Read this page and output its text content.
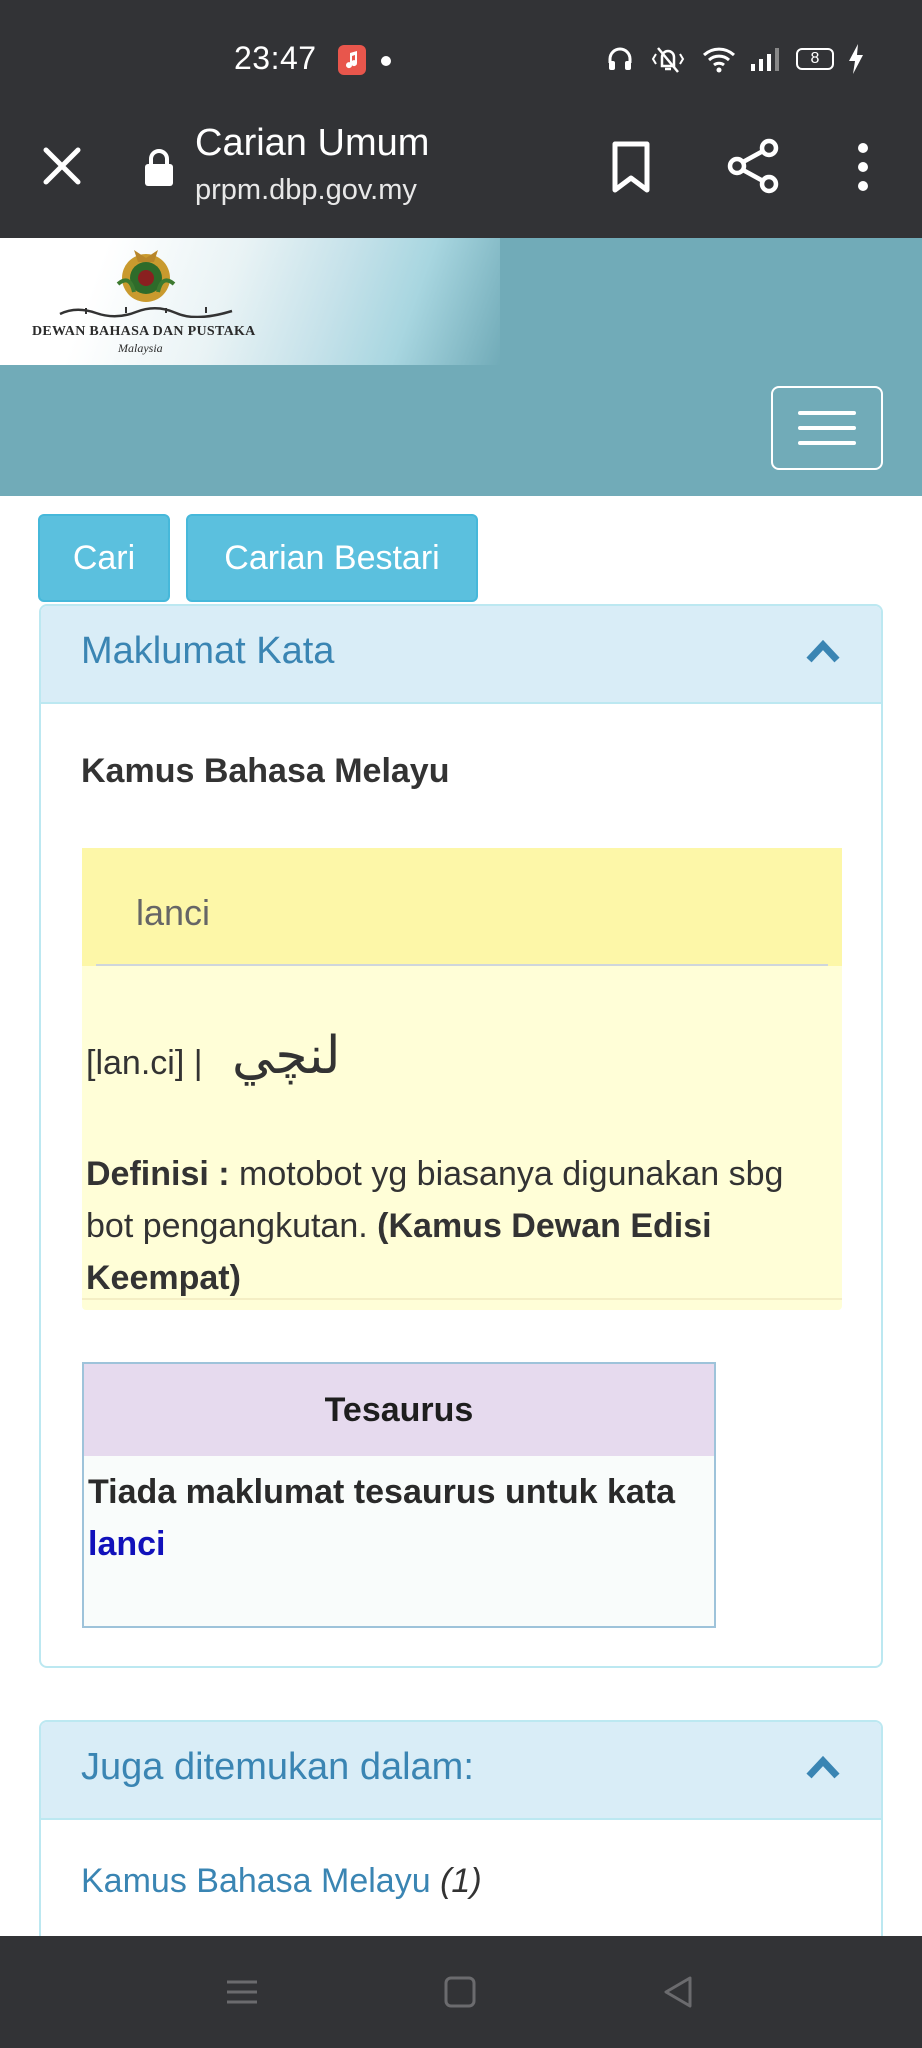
23:47	8
Carian Umum
prpm.dbp.gov.my
DEWAN BAHASA DAN PUSTAKA
Malaysia
Cari	Carian Bestari
Maklumat Kata
Kamus Bahasa Melayu
lanci
[lan.ci] | لنچي
Definisi : motobot yg biasanya digunakan sbg bot pengangkutan. (Kamus Dewan Edisi Keempat)
Tesaurus
Tiada maklumat tesaurus untuk kata lanci
Juga ditemukan dalam:
Kamus Bahasa Melayu (1)
